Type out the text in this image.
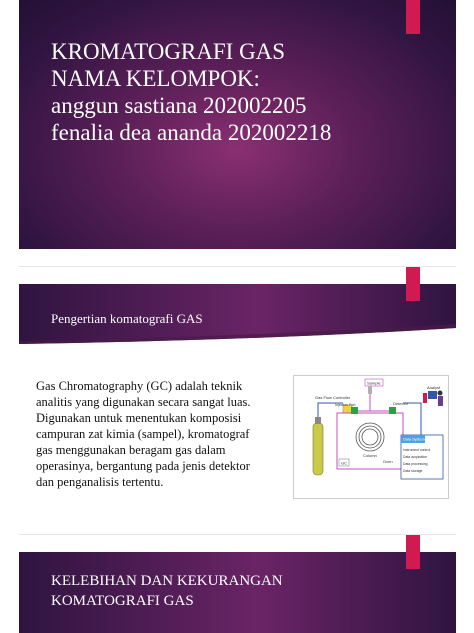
KROMATOGRAFI GAS
NAMA KELOMPOK:
anggun sastiana 202002205
fenalia dea ananda 202002218
Pengertian komatografi GAS
Gas Chromatography (GC) adalah teknik
analitis yang digunakan secara sangat luas.
Digunakan untuk menentukan komposisi
campuran zat kimia (sampel), kromatograf
gas menggunakan beragam gas dalam
operasinya, bergantung pada jenis detektor
dan penganalisis tertentu.
Gas Flow Controller
Sample
Injection Port
Column
Oven
GC
Detector
Analyst
Data System
Instrument control
Data acquisition
Data processing
Data storage
KELEBIHAN DAN KEKURANGAN
KOMATOGRAFI GAS
